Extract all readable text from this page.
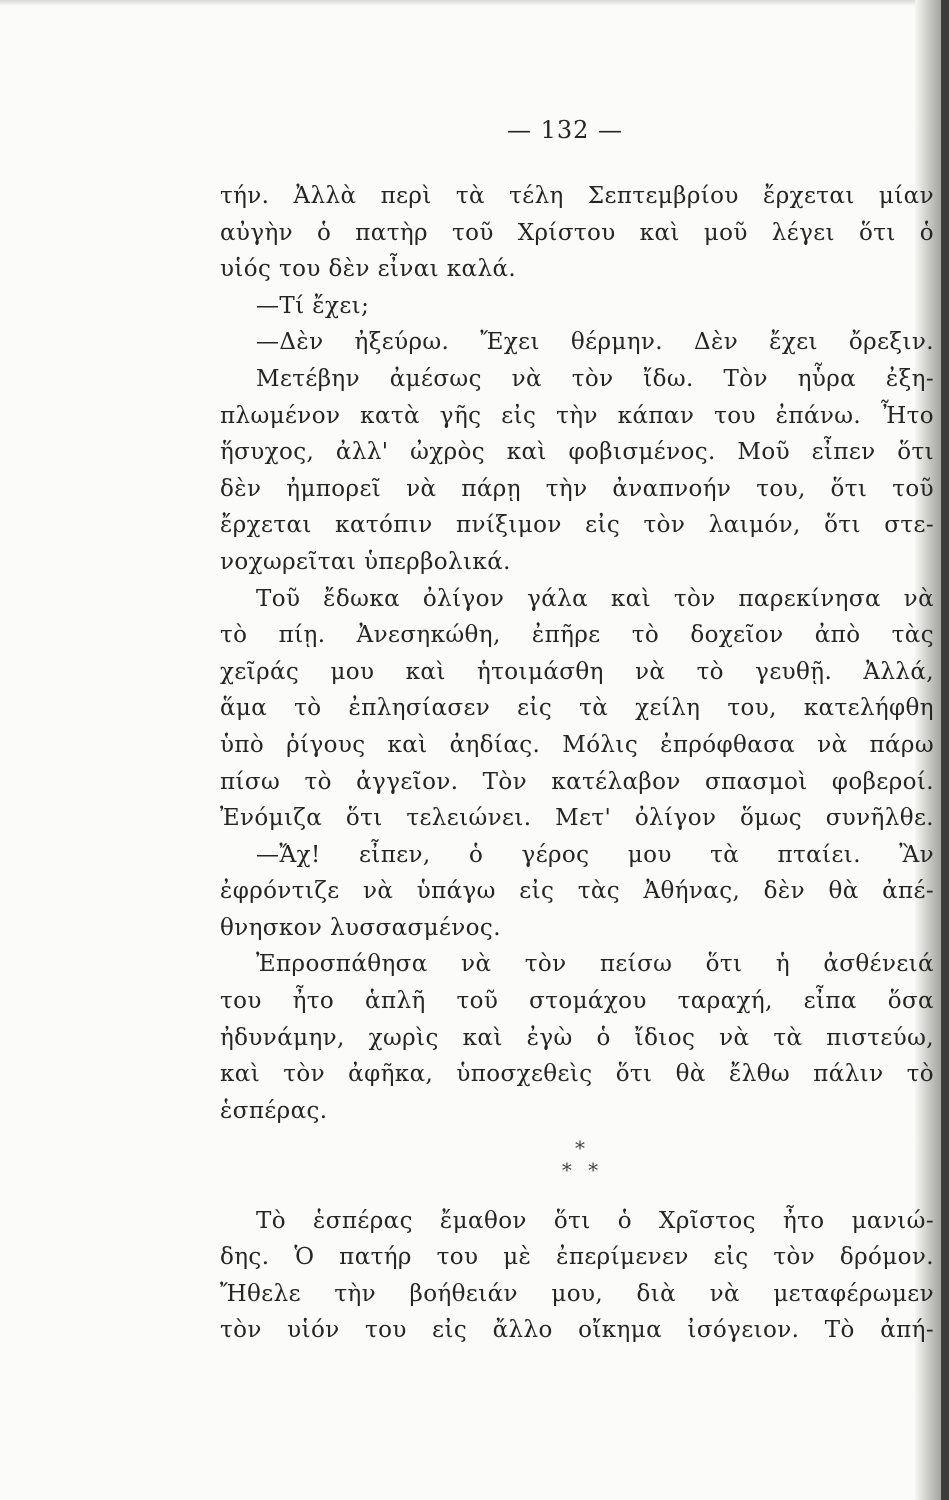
— 132 —
τήν. Ἀλλὰ περὶ τὰ τέλη Σεπτεμβρίου ἔρχεται μίαν
αὐγὴν ὁ πατὴρ τοῦ Χρίστου καὶ μοῦ λέγει ὅτι ὁ
υἱός του δὲν εἶναι καλά.
—Τί ἔχει;
—Δὲν ἠξεύρω. Ἔχει θέρμην. Δὲν ἔχει ὄρεξιν.
Μετέβην ἀμέσως νὰ τὸν ἴδω. Τὸν ηὗρα ἐξη-
πλωμένον κατὰ γῆς εἰς τὴν κάπαν του ἐπάνω. Ἦτο
ἥσυχος, ἀλλ' ὠχρὸς καὶ φοβισμένος. Μοῦ εἶπεν ὅτι
δὲν ἠμπορεῖ νὰ πάρῃ τὴν ἀναπνοήν του, ὅτι τοῦ
ἔρχεται κατόπιν πνίξιμον εἰς τὸν λαιμόν, ὅτι στε-
νοχωρεῖται ὑπερβολικά.
Τοῦ ἔδωκα ὀλίγον γάλα καὶ τὸν παρεκίνησα νὰ
τὸ πίῃ. Ἀνεσηκώθη, ἐπῆρε τὸ δοχεῖον ἀπὸ τὰς
χεῖράς μου καὶ ἡτοιμάσθη νὰ τὸ γευθῇ. Ἀλλά,
ἅμα τὸ ἐπλησίασεν εἰς τὰ χείλη του, κατελήφθη
ὑπὸ ῥίγους καὶ ἀηδίας. Μόλις ἐπρόφθασα νὰ πάρω
πίσω τὸ ἀγγεῖον. Τὸν κατέλαβον σπασμοὶ φοβεροί.
Ἐνόμιζα ὅτι τελειώνει. Μετ' ὀλίγον ὅμως συνῆλθε.
—Ἄχ! εἶπεν, ὁ γέρος μου τὰ πταίει. Ἂν
ἐφρόντιζε νὰ ὑπάγω εἰς τὰς Ἀθήνας, δὲν θὰ ἀπέ-
θνησκον λυσσασμένος.
Ἐπροσπάθησα νὰ τὸν πείσω ὅτι ἡ ἀσθένειά
του ἦτο ἁπλῆ τοῦ στομάχου ταραχή, εἶπα ὅσα
ἠδυνάμην, χωρὶς καὶ ἐγὼ ὁ ἴδιος νὰ τὰ πιστεύω,
καὶ τὸν ἀφῆκα, ὑποσχεθεὶς ὅτι θὰ ἔλθω πάλιν τὸ
ἑσπέρας.
Τὸ ἑσπέρας ἔμαθον ὅτι ὁ Χρῖστος ἦτο μανιώ-
δης. Ὁ πατήρ του μὲ ἐπερίμενεν εἰς τὸν δρόμον.
Ἤθελε τὴν βοήθειάν μου, διὰ νὰ μεταφέρωμεν
τὸν υἱόν του εἰς ἄλλο οἴκημα ἰσόγειον. Τὸ ἀπή-
*
* *
